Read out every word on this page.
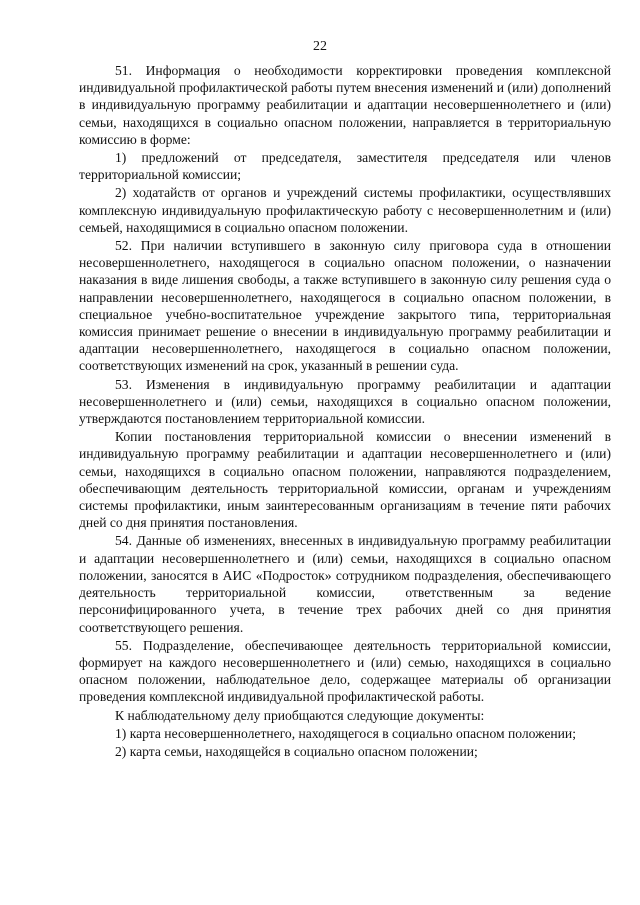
22

51. Информация о необходимости корректировки проведения комплексной индивидуальной профилактической работы путем внесения изменений и (или) дополнений в индивидуальную программу реабилитации и адаптации несовершеннолетнего и (или) семьи, находящихся в социально опасном положении, направляется в территориальную комиссию в форме:

1) предложений от председателя, заместителя председателя или членов территориальной комиссии;

2) ходатайств от органов и учреждений системы профилактики, осуществлявших комплексную индивидуальную профилактическую работу с несовершеннолетним и (или) семьей, находящимися в социально опасном положении.

52. При наличии вступившего в законную силу приговора суда в отношении несовершеннолетнего, находящегося в социально опасном положении, о назначении наказания в виде лишения свободы, а также вступившего в законную силу решения суда о направлении несовершеннолетнего, находящегося в социально опасном положении, в специальное учебно-воспитательное учреждение закрытого типа, территориальная комиссия принимает решение о внесении в индивидуальную программу реабилитации и адаптации несовершеннолетнего, находящегося в социально опасном положении, соответствующих изменений на срок, указанный в решении суда.

53. Изменения в индивидуальную программу реабилитации и адаптации несовершеннолетнего и (или) семьи, находящихся в социально опасном положении, утверждаются постановлением территориальной комиссии.

Копии постановления территориальной комиссии о внесении изменений в индивидуальную программу реабилитации и адаптации несовершеннолетнего и (или) семьи, находящихся в социально опасном положении, направляются подразделением, обеспечивающим деятельность территориальной комиссии, органам и учреждениям системы профилактики, иным заинтересованным организациям в течение пяти рабочих дней со дня принятия постановления.

54. Данные об изменениях, внесенных в индивидуальную программу реабилитации и адаптации несовершеннолетнего и (или) семьи, находящихся в социально опасном положении, заносятся в АИС «Подросток» сотрудником подразделения, обеспечивающего деятельность территориальной комиссии, ответственным за ведение персонифицированного учета, в течение трех рабочих дней со дня принятия соответствующего решения.

55. Подразделение, обеспечивающее деятельность территориальной комиссии, формирует на каждого несовершеннолетнего и (или) семью, находящихся в социально опасном положении, наблюдательное дело, содержащее материалы об организации проведения комплексной индивидуальной профилактической работы.

К наблюдательному делу приобщаются следующие документы:

1) карта несовершеннолетнего, находящегося в социально опасном положении;

2) карта семьи, находящейся в социально опасном положении;
